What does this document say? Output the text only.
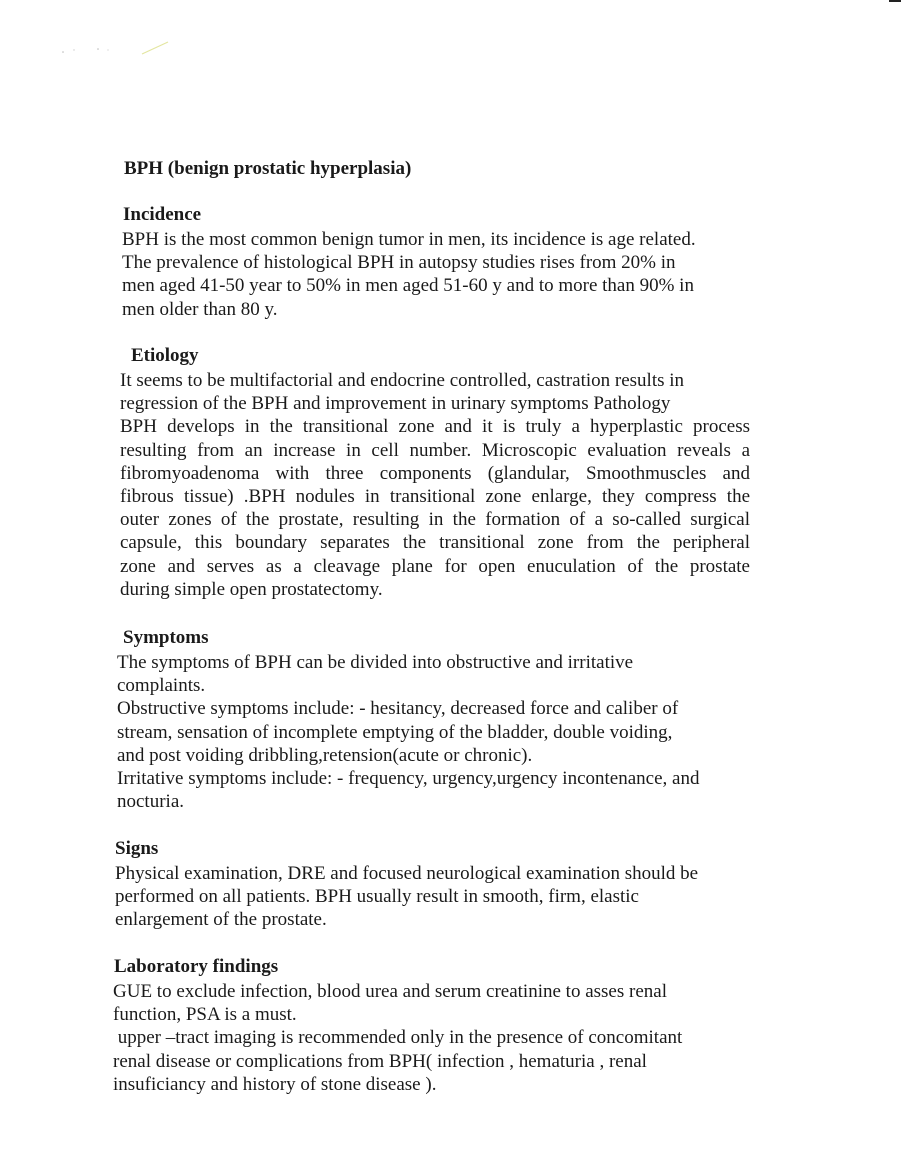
BPH (benign prostatic hyperplasia)
Incidence
BPH is the most common benign tumor in men, its incidence is age related.
The prevalence of histological BPH in autopsy studies rises from 20% in
men aged 41-50 year to 50% in men aged 51-60 y and to more than 90% in
men older than 80 y.
Etiology
It seems to be multifactorial and endocrine controlled, castration results in
regression of the BPH and improvement in urinary symptoms Pathology
BPH develops in the transitional zone and it is truly a hyperplastic process
resulting from an increase in cell number. Microscopic evaluation reveals a
fibromyoadenoma with three components (glandular, Smoothmuscles and
fibrous tissue) .BPH nodules in transitional zone enlarge, they compress the
outer zones of the prostate, resulting in the formation of a so-called surgical
capsule, this boundary separates the transitional zone from the peripheral
zone and serves as a cleavage plane for open enuculation of the prostate
during simple open prostatectomy.
Symptoms
The symptoms of BPH can be divided into obstructive and irritative
complaints.
Obstructive symptoms include: - hesitancy, decreased force and caliber of
stream, sensation of incomplete emptying of the bladder, double voiding,
and post voiding dribbling,retension(acute or chronic).
Irritative symptoms include: - frequency, urgency,urgency incontenance, and
nocturia.
Signs
Physical examination, DRE and focused neurological examination should be
performed on all patients. BPH usually result in smooth, firm, elastic
enlargement of the prostate.
Laboratory findings
GUE to exclude infection, blood urea and serum creatinine to asses renal
function, PSA is a must.
upper –tract imaging is recommended only in the presence of concomitant
renal disease or complications from BPH( infection , hematuria , renal
insuficiancy and history of stone disease ).
